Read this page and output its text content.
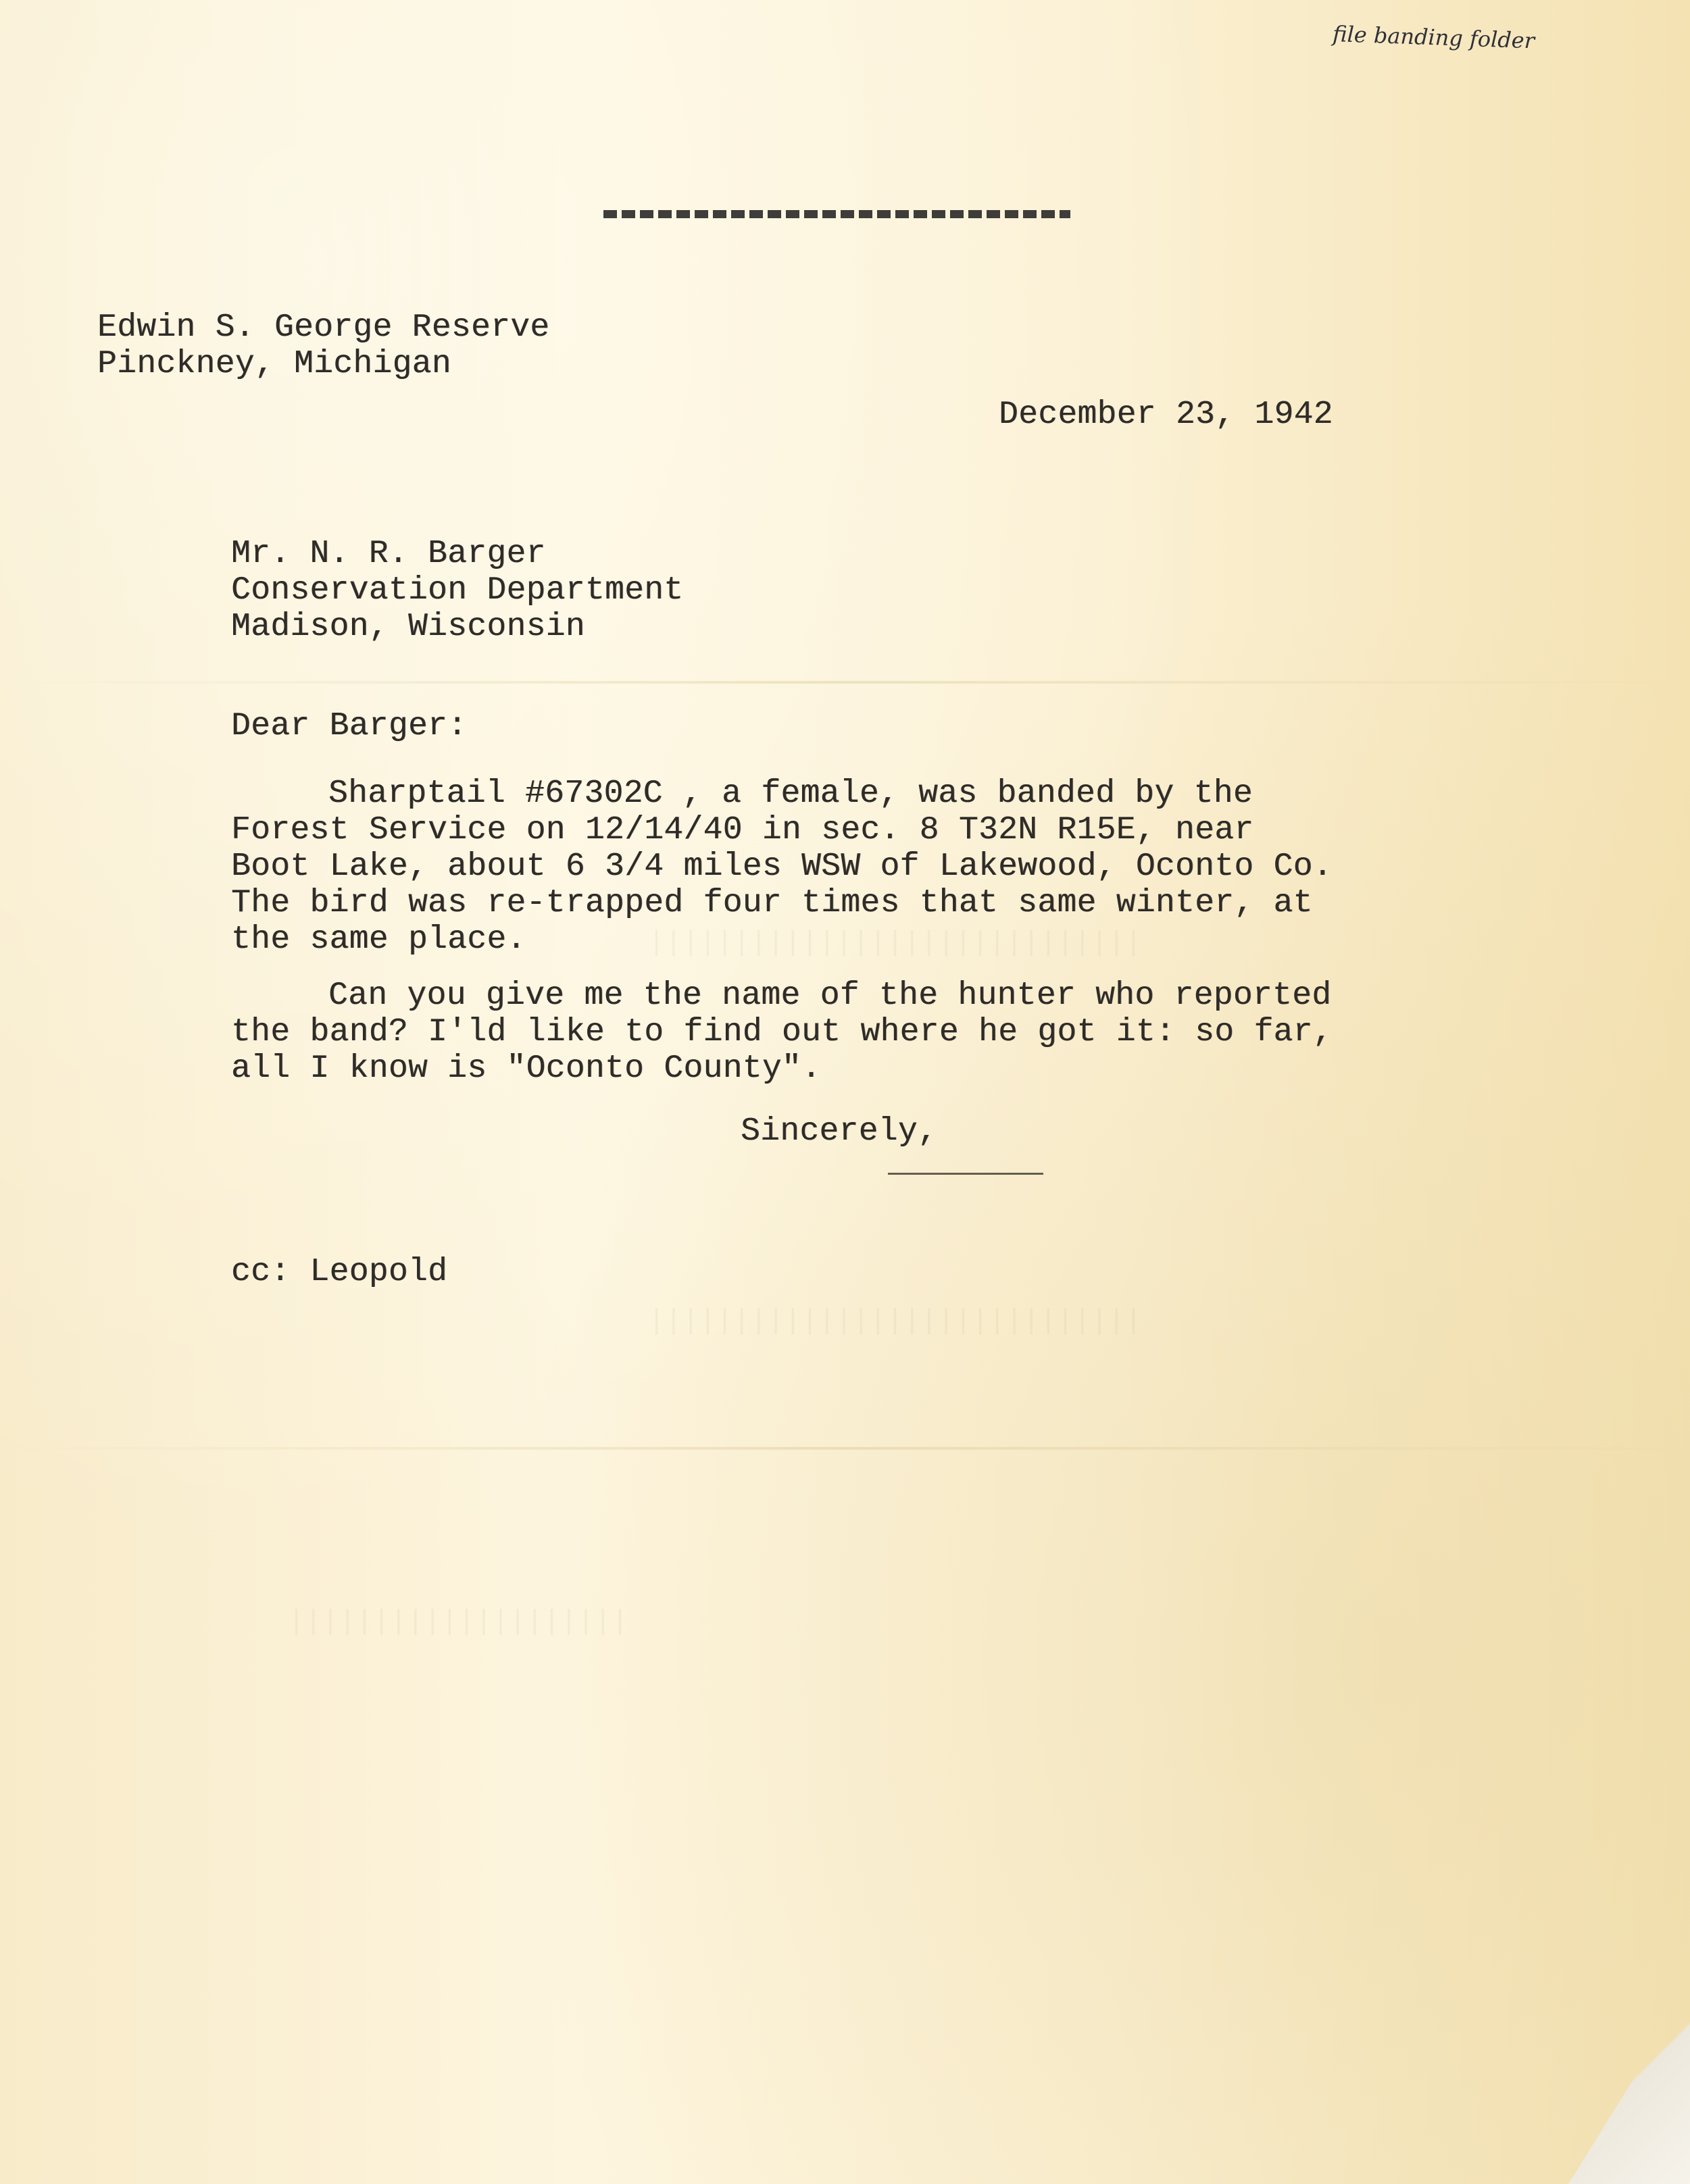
|||||||||||||||||||||||||||||
|||||||||||||||||||||||||||||
||||||||||||||||||||
file banding folder
Edwin S. George Reserve
Pinckney, Michigan
December 23, 1942
Mr. N. R. Barger
Conservation Department
Madison, Wisconsin
Dear Barger:
Sharptail #67302C , a female, was banded by the
Forest Service on 12/14/40 in sec. 8 T32N R15E, near
Boot Lake, about 6 3/4 miles WSW of Lakewood, Oconto Co.
The bird was re-trapped four times that same winter, at
the same place.
Can you give me the name of the hunter who reported
the band? I'ld like to find out where he got it: so far,
all I know is "Oconto County".
Sincerely,
​
cc: Leopold
